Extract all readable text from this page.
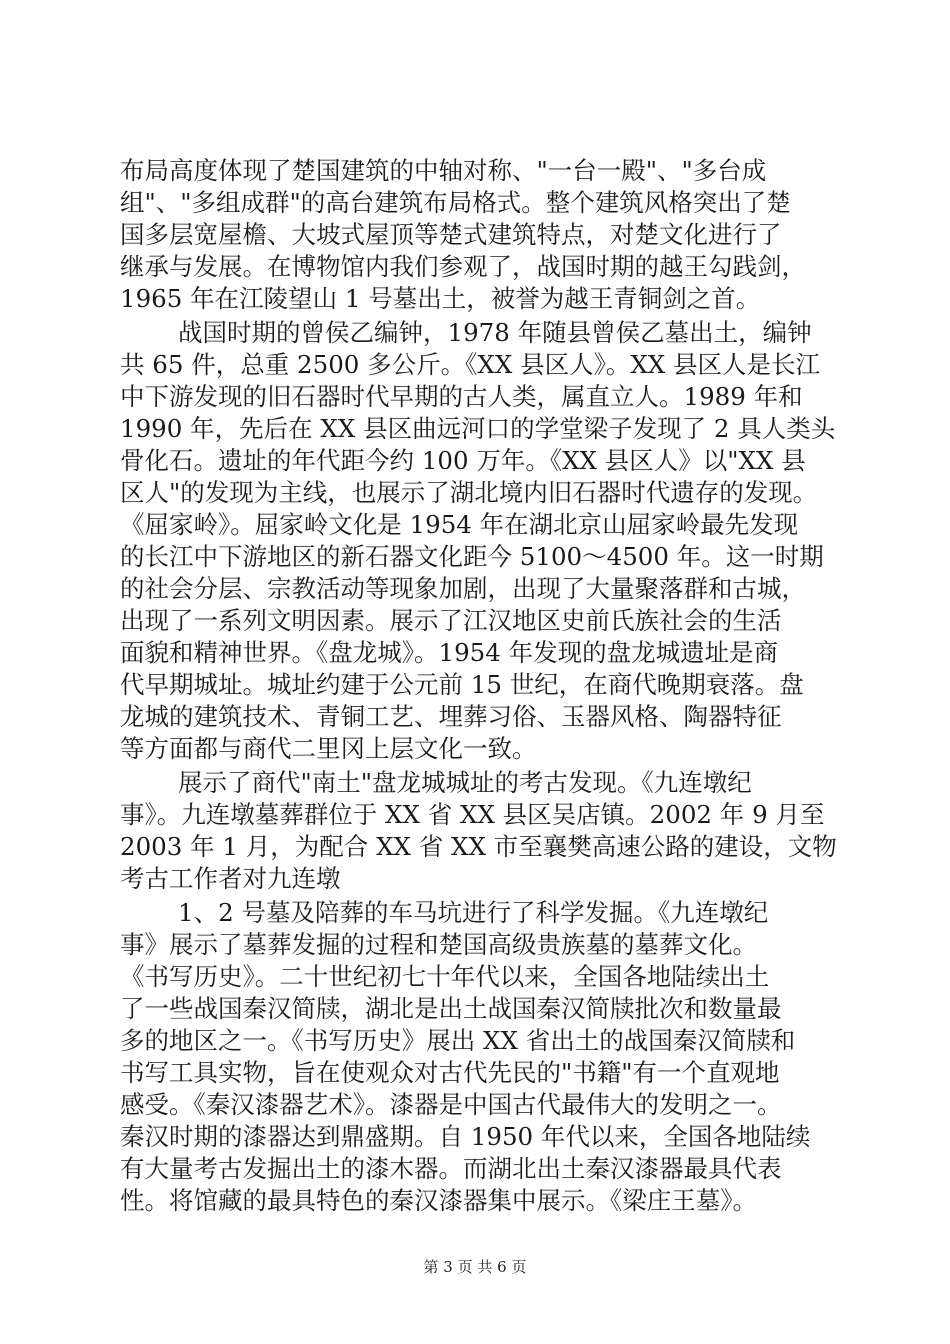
布局高度体现了楚国建筑的中轴对称、"一台一殿"、"多台成
组"、"多组成群"的高台建筑布局格式。整个建筑风格突出了楚
国多层宽屋檐、大坡式屋顶等楚式建筑特点，对楚文化进行了
继承与发展。在博物馆内我们参观了，战国时期的越王勾践剑，
1965 年在江陵望山 1 号墓出土，被誉为越王青铜剑之首。
战国时期的曾侯乙编钟，1978 年随县曾侯乙墓出土，编钟
共 65 件，总重 2500 多公斤。《XX 县区人》。XX 县区人是长江
中下游发现的旧石器时代早期的古人类，属直立人。1989 年和
1990 年，先后在 XX 县区曲远河口的学堂梁子发现了 2 具人类头
骨化石。遗址的年代距今约 100 万年。《XX 县区人》以"XX 县
区人"的发现为主线，也展示了湖北境内旧石器时代遗存的发现。
《屈家岭》。屈家岭文化是 1954 年在湖北京山屈家岭最先发现
的长江中下游地区的新石器文化距今 5100～4500 年。这一时期
的社会分层、宗教活动等现象加剧，出现了大量聚落群和古城，
出现了一系列文明因素。展示了江汉地区史前氏族社会的生活
面貌和精神世界。《盘龙城》。1954 年发现的盘龙城遗址是商
代早期城址。城址约建于公元前 15 世纪，在商代晚期衰落。盘
龙城的建筑技术、青铜工艺、埋葬习俗、玉器风格、陶器特征
等方面都与商代二里冈上层文化一致。
展示了商代"南土"盘龙城城址的考古发现。《九连墩纪
事》。九连墩墓葬群位于 XX 省 XX 县区吴店镇。2002 年 9 月至
2003 年 1 月，为配合 XX 省 XX 市至襄樊高速公路的建设，文物
考古工作者对九连墩
1、2 号墓及陪葬的车马坑进行了科学发掘。《九连墩纪
事》展示了墓葬发掘的过程和楚国高级贵族墓的墓葬文化。
《书写历史》。二十世纪初七十年代以来，全国各地陆续出土
了一些战国秦汉简牍，湖北是出土战国秦汉简牍批次和数量最
多的地区之一。《书写历史》展出 XX 省出土的战国秦汉简牍和
书写工具实物，旨在使观众对古代先民的"书籍"有一个直观地
感受。《秦汉漆器艺术》。漆器是中国古代最伟大的发明之一。
秦汉时期的漆器达到鼎盛期。自 1950 年代以来，全国各地陆续
有大量考古发掘出土的漆木器。而湖北出土秦汉漆器最具代表
性。将馆藏的最具特色的秦汉漆器集中展示。《梁庄王墓》。
第 3 页 共 6 页
